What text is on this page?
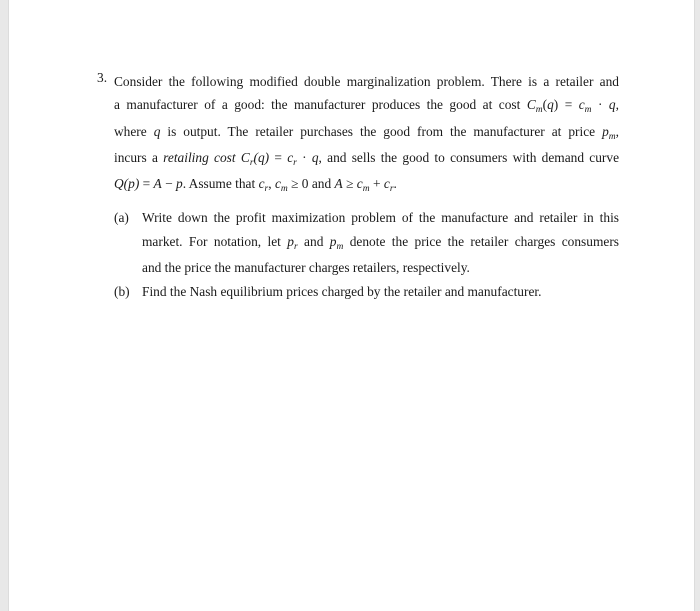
3. Consider the following modified double marginalization problem. There is a retailer and
a manufacturer of a good: the manufacturer produces the good at cost $C_m(q) = c_m \cdot q$,
where q is output. The retailer purchases the good from the manufacturer at price $p_m$,
incurs a retailing cost $C_r(q) = c_r \cdot q$, and sells the good to consumers with demand curve
Q(p) = A − p. Assume that $c_r$, $c_m \ge 0$ and $A \ge c_m + c_r$.
(a) Write down the profit maximization problem of the manufacture and retailer in this
market. For notation, let $p_r$ and $p_m$ denote the price the retailer charges consumers
and the price the manufacturer charges retailers, respectively.
(b) Find the Nash equilibrium prices charged by the retailer and manufacturer.
